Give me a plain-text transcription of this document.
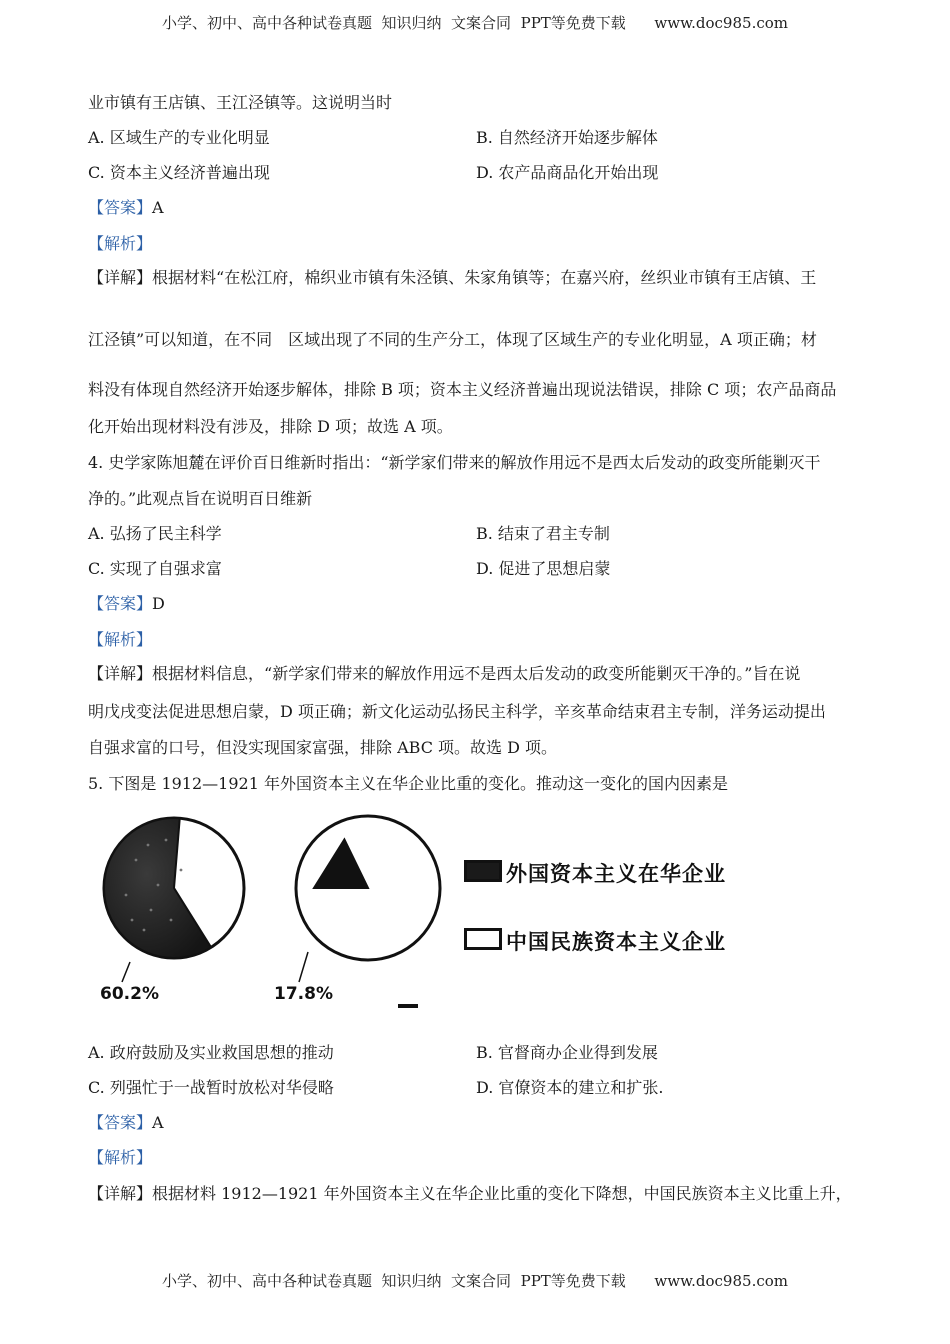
小学、初中、高中各种试卷真题  知识归纳  文案合同  PPT等免费下载      www.doc985.com
业市镇有王店镇、王江泾镇等。这说明当时
A. 区域生产的专业化明显	B. 自然经济开始逐步解体
C. 资本主义经济普遍出现	D. 农产品商品化开始出现
【答案】A
【解析】
【详解】根据材料“在松江府，棉织业市镇有朱泾镇、朱家角镇等；在嘉兴府，丝织业市镇有王店镇、王
江泾镇”可以知道，在不同　区域出现了不同的生产分工，体现了区域生产的专业化明显，A 项正确；材
料没有体现自然经济开始逐步解体，排除 B 项；资本主义经济普遍出现说法错误，排除 C 项；农产品商品
化开始出现材料没有涉及，排除 D 项；故选 A 项。
4. 史学家陈旭麓在评价百日维新时指出：“新学家们带来的解放作用远不是西太后发动的政变所能剿灭干
净的。”此观点旨在说明百日维新
A. 弘扬了民主科学	B. 结束了君主专制
C. 实现了自强求富	D. 促进了思想启蒙
【答案】D
【解析】
【详解】根据材料信息，“新学家们带来的解放作用远不是西太后发动的政变所能剿灭干净的。”旨在说
明戊戌变法促进思想启蒙，D 项正确；新文化运动弘扬民主科学，辛亥革命结束君主专制，洋务运动提出
自强求富的口号，但没实现国家富强，排除 ABC 项。故选 D 项。
5. 下图是 1912—1921 年外国资本主义在华企业比重的变化。推动这一变化的国内因素是
60.2%	17.8%
外国资本主义在华企业
中国民族资本主义企业
A. 政府鼓励及实业救国思想的推动	B. 官督商办企业得到发展
C. 列强忙于一战暂时放松对华侵略	D. 官僚资本的建立和扩张.
【答案】A
【解析】
【详解】根据材料 1912—1921 年外国资本主义在华企业比重的变化下降想，中国民族资本主义比重上升，
小学、初中、高中各种试卷真题  知识归纳  文案合同  PPT等免费下载      www.doc985.com
